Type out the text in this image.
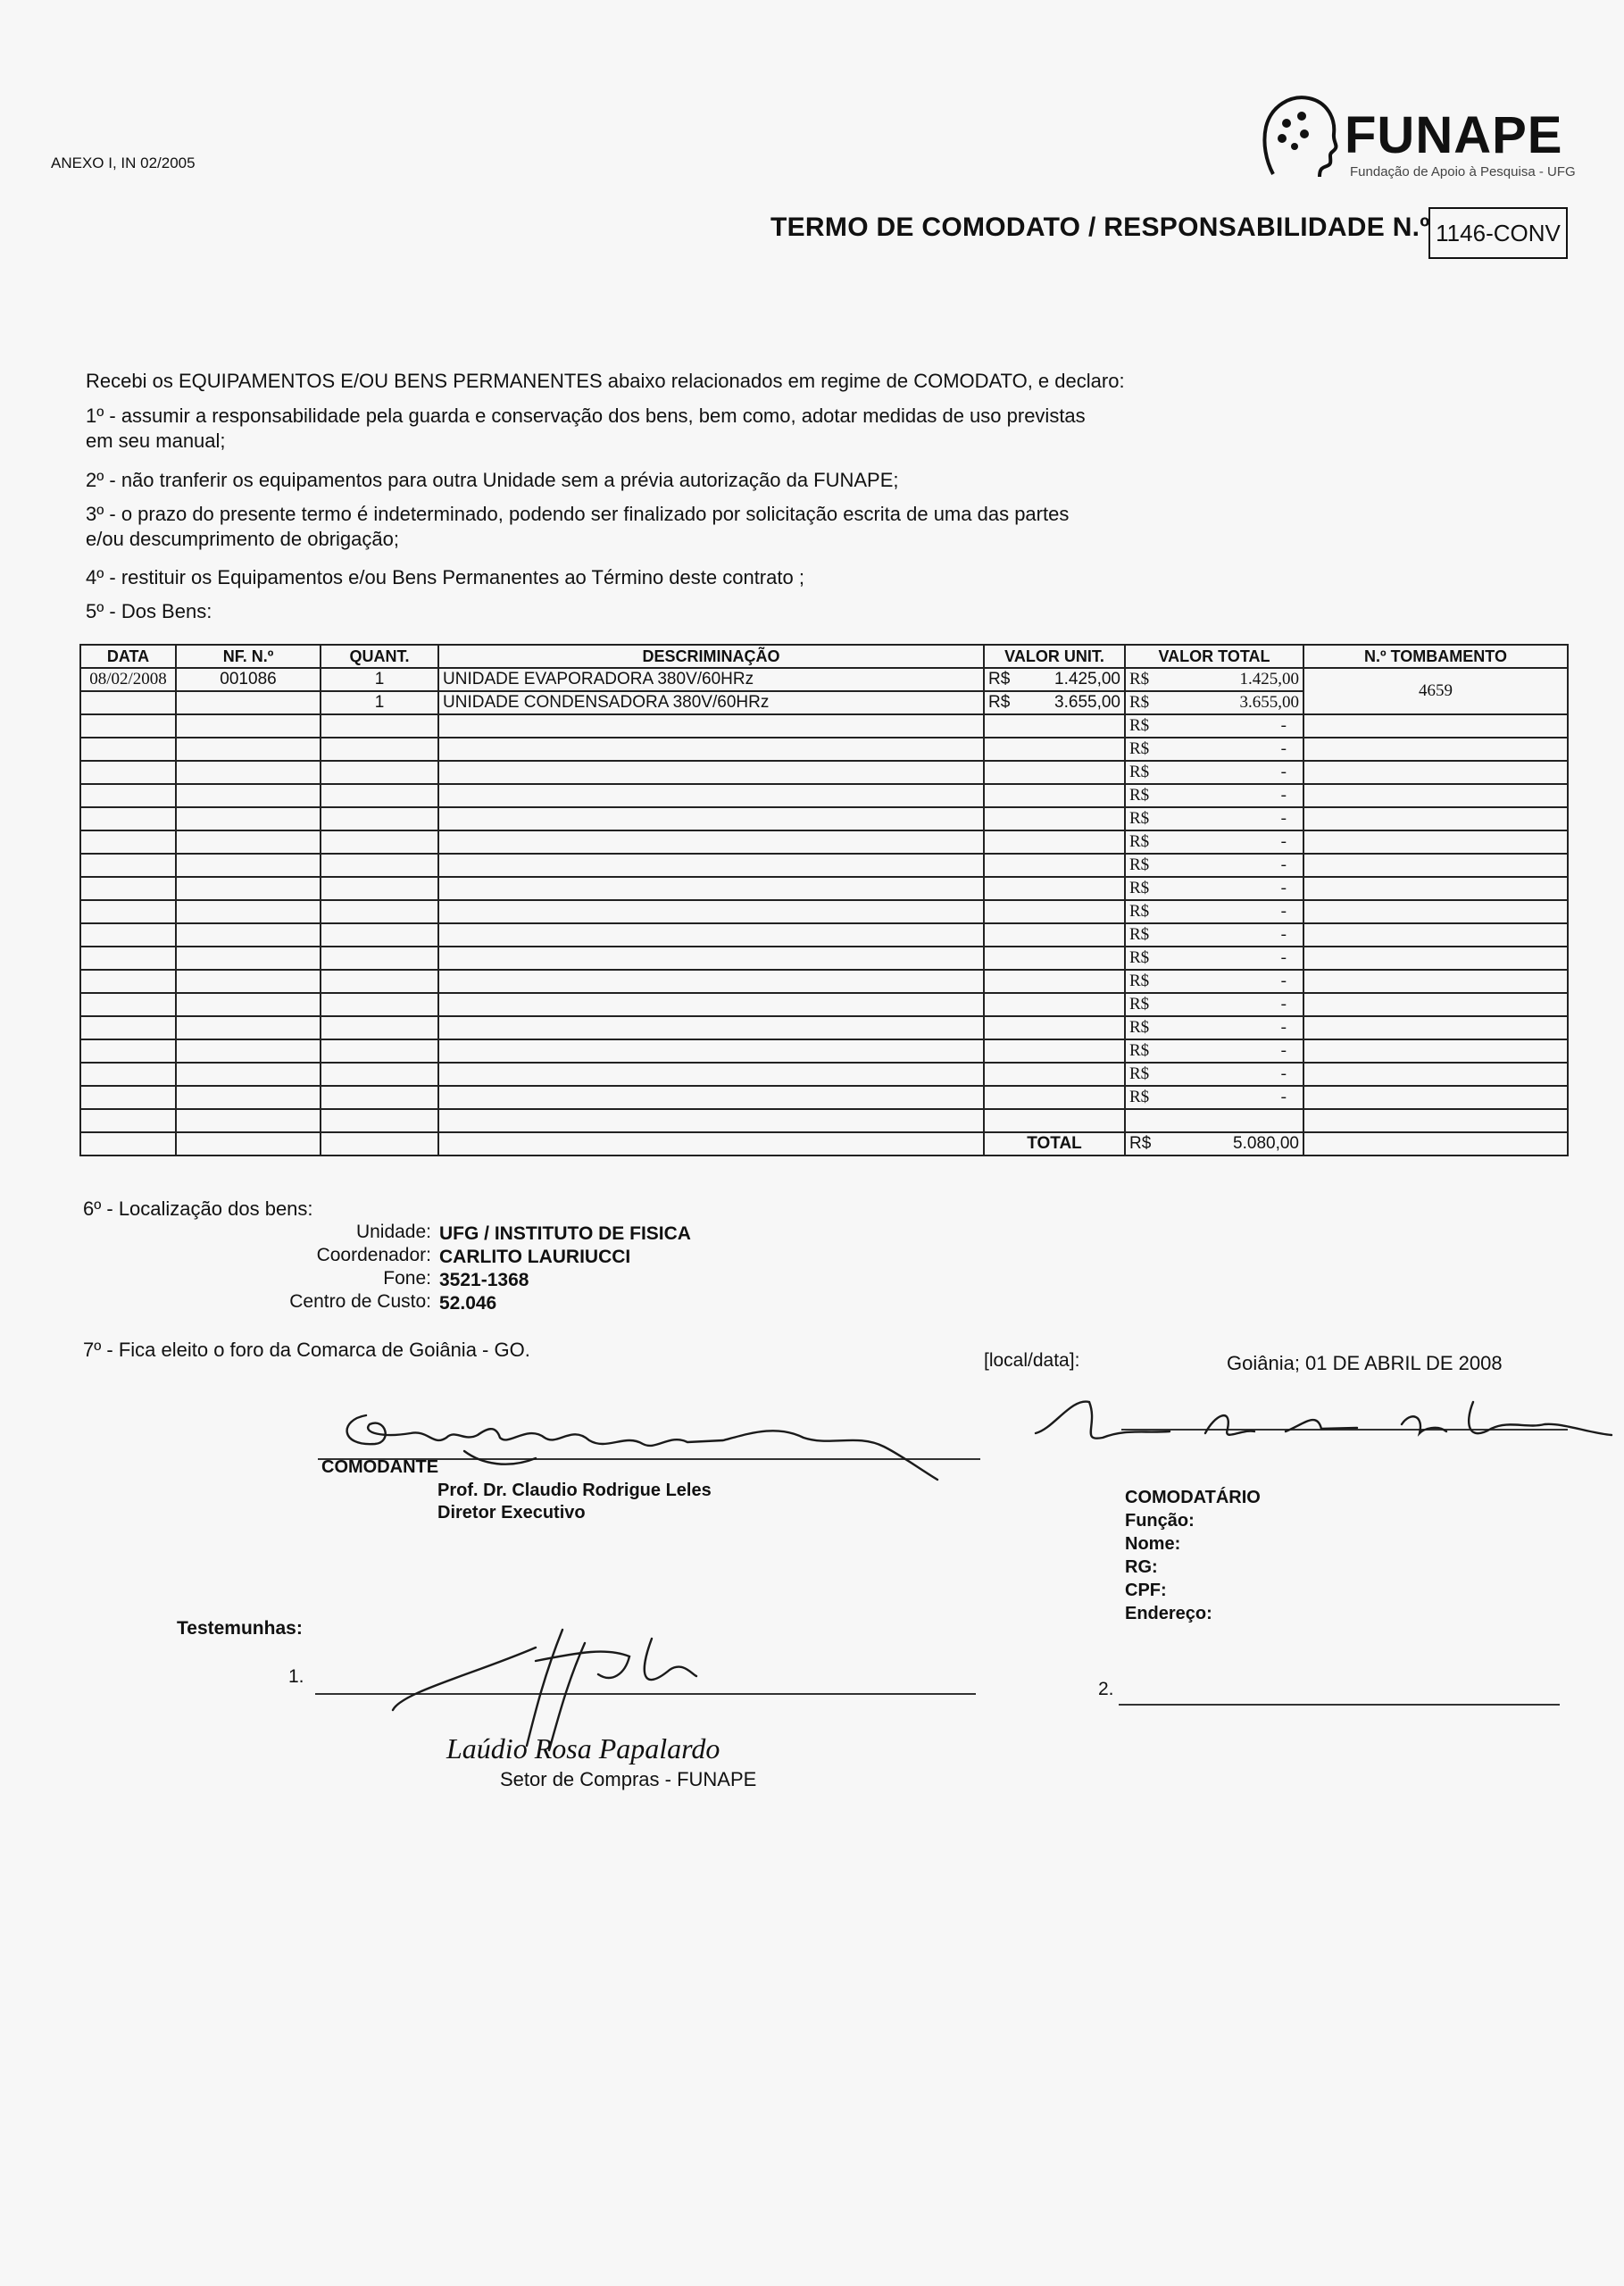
ANEXO I, IN 02/2005	FUNAPE
Fundação de Apoio à Pesquisa - UFG
TERMO DE COMODATO / RESPONSABILIDADE N.º 1146-CONV
Recebi os EQUIPAMENTOS E/OU BENS PERMANENTES abaixo relacionados em regime de COMODATO, e declaro:
1º - assumir a responsabilidade pela guarda e conservação dos bens, bem como, adotar medidas de uso previstas
em seu manual;
2º - não tranferir os equipamentos para outra Unidade sem a prévia autorização da FUNAPE;
3º - o prazo do presente termo é indeterminado, podendo ser finalizado por solicitação escrita de uma das partes
e/ou descumprimento de obrigação;
4º - restituir os Equipamentos e/ou Bens Permanentes ao Término deste contrato ;
5º - Dos Bens:
DATA	NF. N.º	QUANT.	DESCRIMINAÇÃO	VALOR UNIT.	VALOR TOTAL	N.º TOMBAMENTO
08/02/2008	001086	1	UNIDADE EVAPORADORA 380V/60HRz	R$ 1.425,00	R$ 1.425,00	4659
		1	UNIDADE CONDENSADORA 380V/60HRz	R$ 3.655,00	R$ 3.655,00	

					R$ -	

					R$ -	

					R$ -	

					R$ -	

					R$ -	

					R$ -	

					R$ -	

					R$ -	

					R$ -	

					R$ -	

					R$ -	

					R$ -	

					R$ -	

					R$ -	

					R$ -	

					R$ -	

					R$ -	

				TOTAL	R$ 5.080,00	

6º - Localização dos bens:
Unidade: UFG / INSTITUTO DE FISICA
Coordenador: CARLITO LAURIUCCI
Fone: 3521-1368
Centro de Custo: 52.046
7º - Fica eleito o foro da Comarca de Goiânia - GO.	[local/data]:	Goiânia; 01 DE ABRIL DE 2008
COMODANTE
Prof. Dr. Claudio Rodrigue Leles
Diretor Executivo
COMODATÁRIO
Função:
Nome:
RG:
CPF:
Endereço:
Testemunhas:
1.
Laúdio Rosa Papalardo
Setor de Compras - FUNAPE
2.
